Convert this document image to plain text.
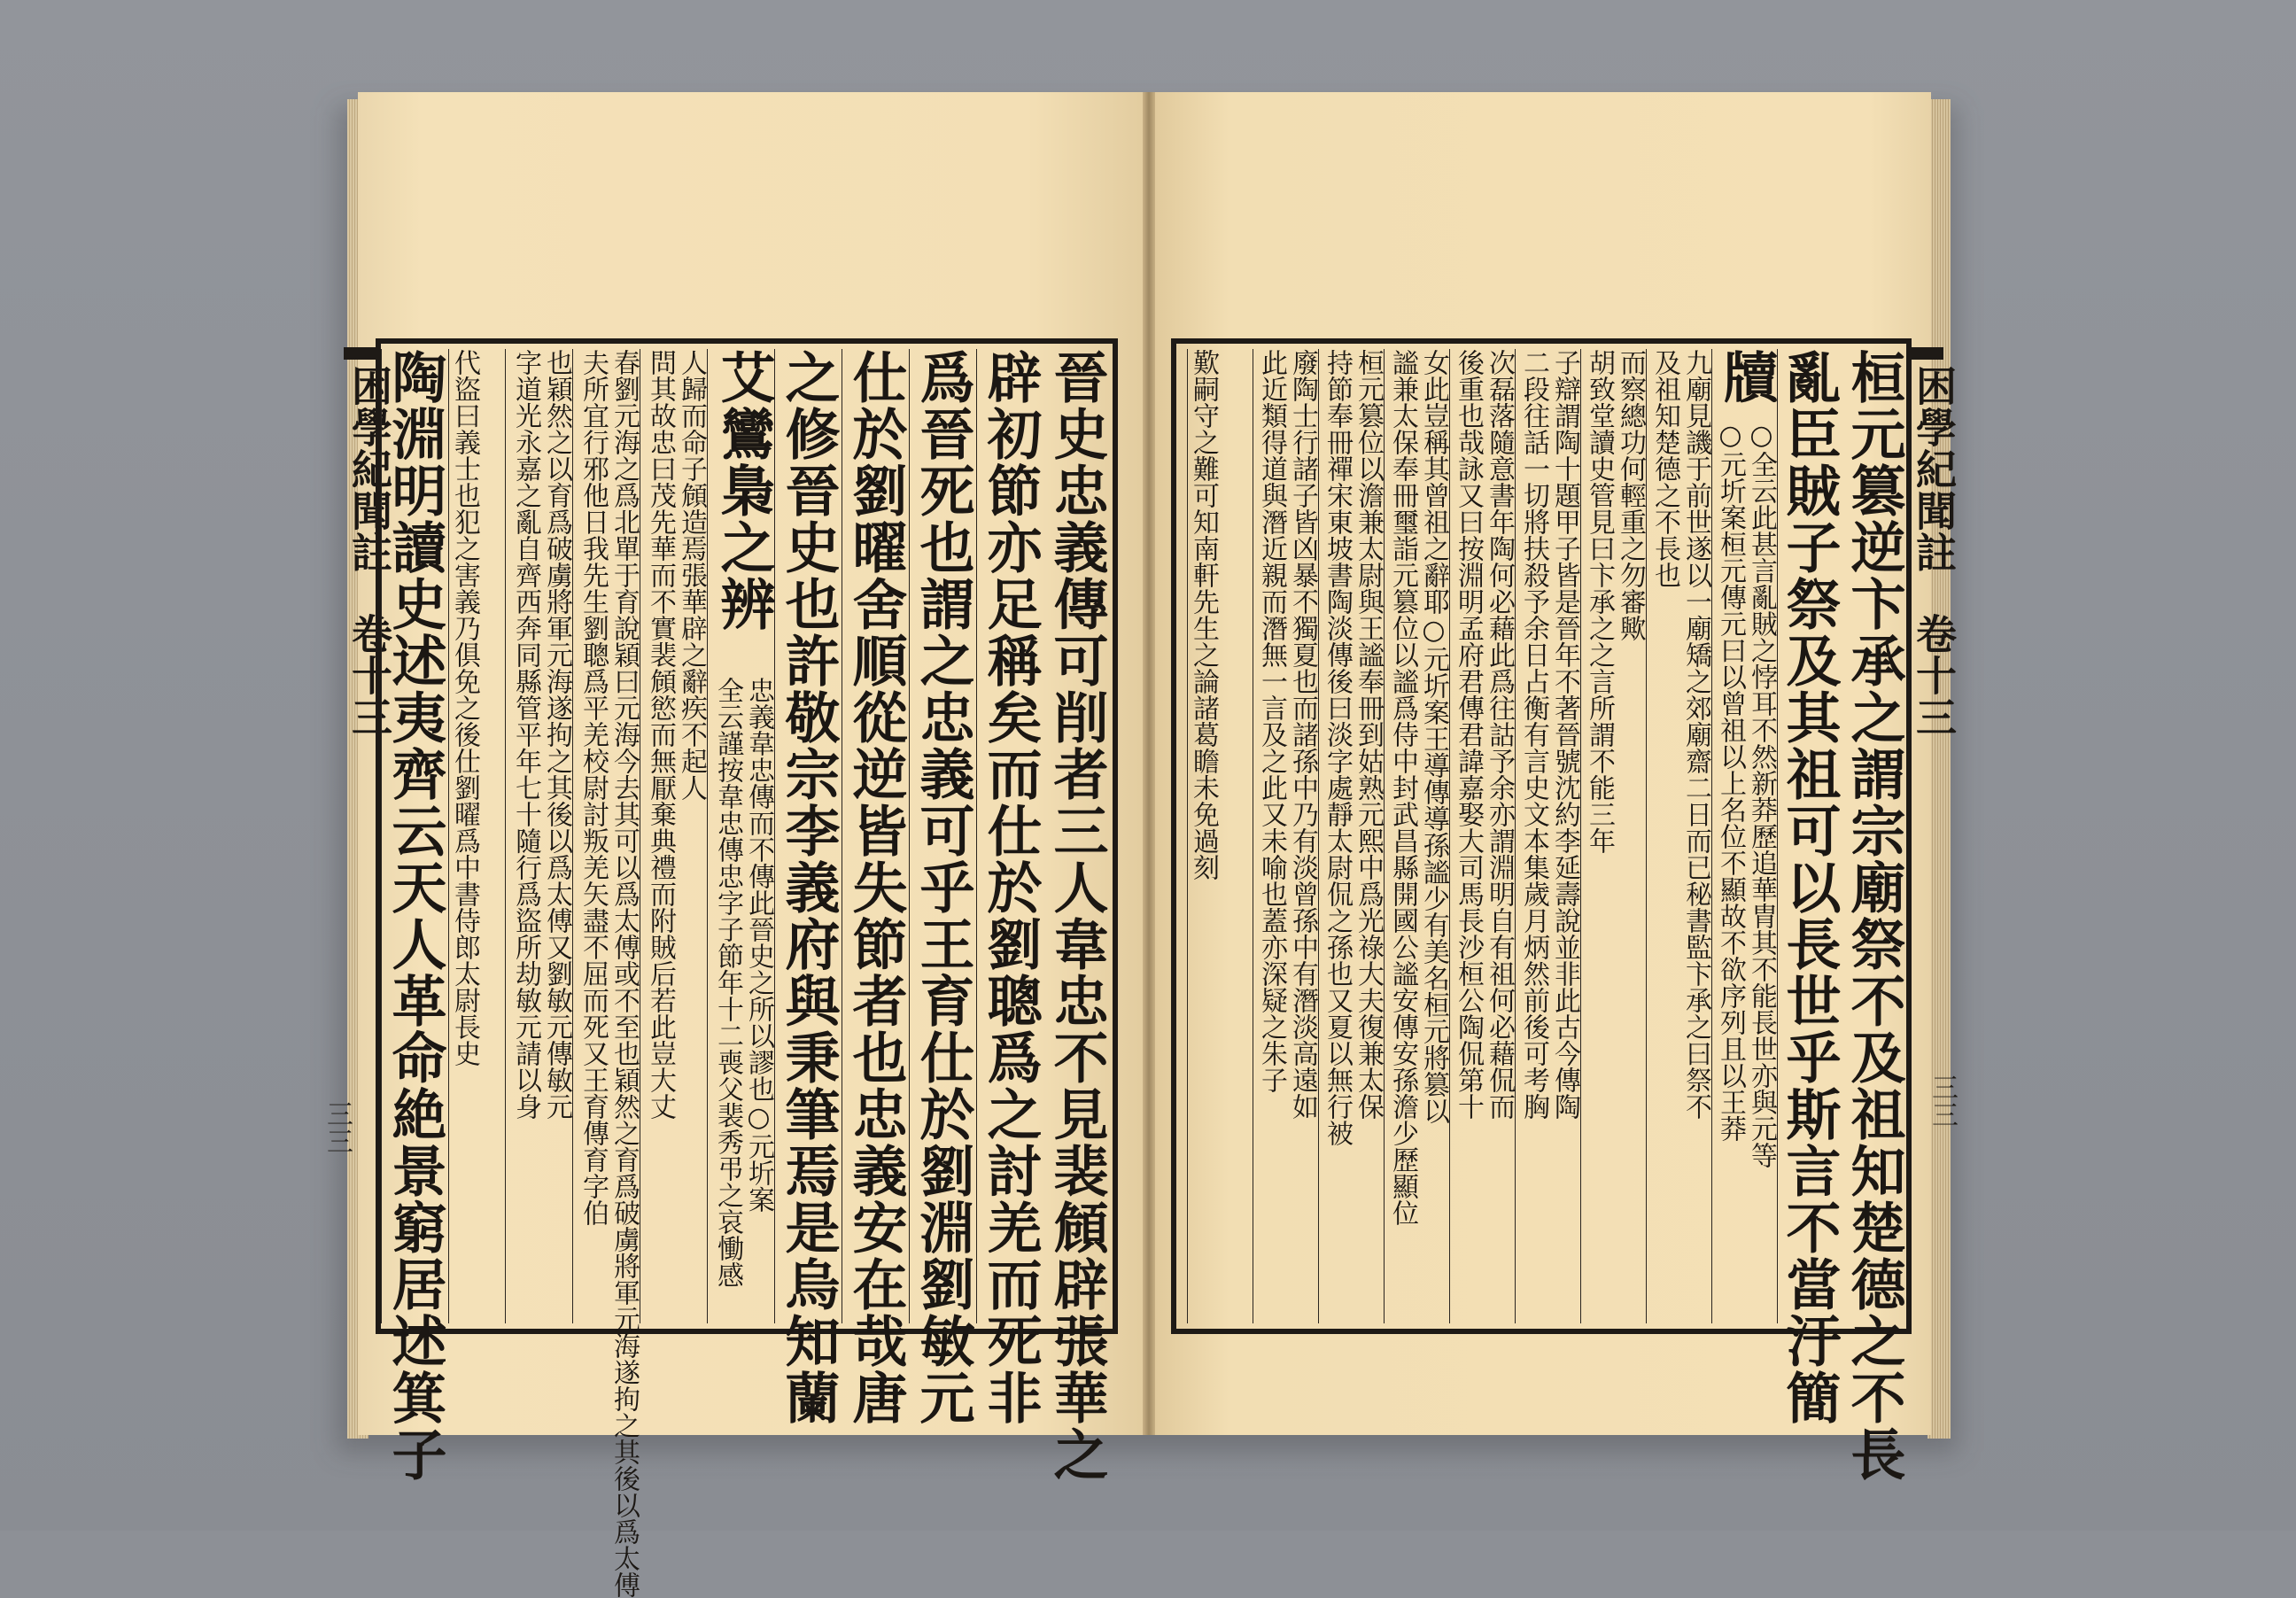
困學紀聞註
卷十三
三三	晉史忠義傳可削者三人韋忠不見裴頠辟張華之
辟初節亦足稱矣而仕於劉聰爲之討羌而死非
爲晉死也謂之忠義可乎王育仕於劉淵劉敏元
仕於劉曜舍順從逆皆失節者也忠義安在哉唐
之修晉史也許敬宗李義府與秉筆焉是烏知蘭
艾鸞梟之辨
忠義韋忠傳而不傳此晉史之所以謬也○元圻案
全云謹按韋忠傳忠字子節年十二喪父裴秀弔之哀慟感
人歸而命子頠造焉張華辟之辭疾不起人
問其故忠曰茂先華而不實裴頠慾而無厭棄典禮而附賊后若此豈大丈
春劉元海之爲北單于育說穎曰元海今去其可以爲太傅或不至也穎然之育爲破虜將軍元海遂拘之其後以爲太傅
夫所宜行邪他日我先生劉聰爲平羌校尉討叛羌矢盡不屈而死又王育傳育字伯
也穎然之以育爲破虜將軍元海遂拘之其後以爲太傅又劉敏元傳敏元
字道光永嘉之亂自齊西奔同縣管平年七十隨行爲盜所劫敏元請以身
代盜曰義士也犯之害義乃俱免之後仕劉曜爲中書侍郎太尉長史
陶淵明讀史述夷齊云天人革命絶景窮居述箕子	桓元篡逆卞承之謂宗廟祭不及祖知楚德之不長
亂臣賊子祭及其祖可以長世乎斯言不當汙簡
牘
○全云此甚言亂賊之悖耳不然新莽歷追華胄其不能長世亦與元等
○元圻案桓元傳元曰以曾祖以上名位不顯故不欲序列且以王莽
九廟見譏于前世遂以一廟矯之郊廟齋二日而已秘書監卞承之曰祭不
及祖知楚德之不長也
而察總功何輕重之勿審歟
胡致堂讀史管見曰卞承之之言所謂不能三年
子辯謂陶十題甲子皆是晉年不著晉號沈約李延壽說並非此古今傳陶
二段往話一切將扶殺予余日占衡有言史文本集歲月炳然前後可考胸
次磊落隨意書年陶何必藉此爲往詁予余亦謂淵明自有祖何必藉侃而
後重也哉詠又曰按淵明孟府君傳君諱嘉娶大司馬長沙桓公陶侃第十
女此豈稱其曾祖之辭耶○元圻案王導傳導孫謐少有美名桓元將篡以
謐兼太保奉冊璽詣元篡位以謐爲侍中封武昌縣開國公謐安傳安孫澹少歷顯位
桓元篡位以澹兼太尉與王謐奉冊到姑熟元熙中爲光祿大夫復兼太保
持節奉冊禪宋東坡書陶淡傳後曰淡字處靜太尉侃之孫也又夏以無行被
廢陶士行諸子皆凶暴不獨夏也而諸孫中乃有淡曾孫中有潛淡高遠如
此近類得道與潛近親而潛無一言及之此又未喻也蓋亦深疑之朱子
歎嗣守之難可知南軒先生之論諸葛瞻未免過刻	困學紀聞註
卷十三
三三
